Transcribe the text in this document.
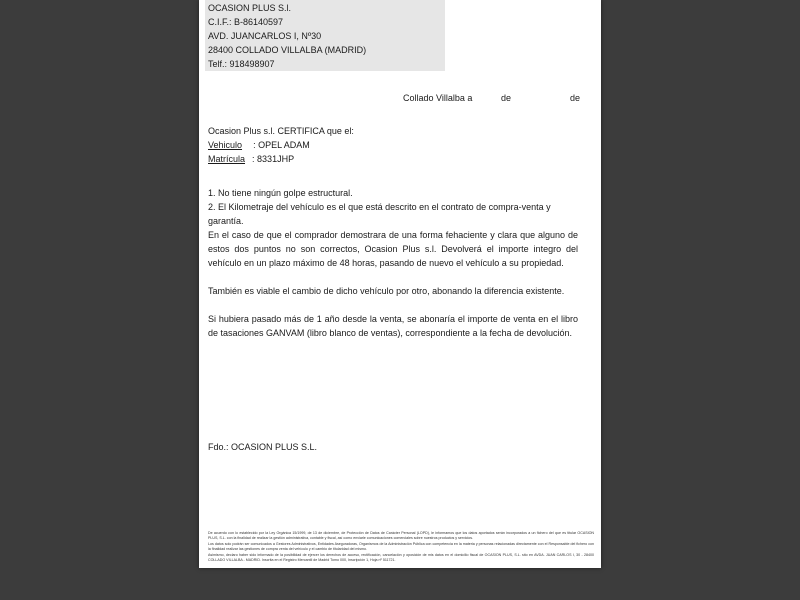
OCASION PLUS S.l.
C.I.F.: B-86140597
AVD. JUANCARLOS I, Nº30
28400 COLLADO VILLALBA (MADRID)
Telf.: 918498907
Collado Villalba a	de	de

Ocasion Plus s.l. CERTIFICA que el:

Vehiculo : OPEL ADAM

Matrícula : 8331JHP

1. No tiene ningún golpe estructural.

2. El Kilometraje del vehículo es el que está descrito en el contrato de compra-venta y garantía.

En el caso de que el comprador demostrara de una forma fehaciente y clara que alguno de estos dos puntos no son correctos, Ocasion Plus s.l. Devolverá el importe integro del vehículo en un plazo máximo de 48 horas, pasando de nuevo el vehículo a su propiedad.

También es viable el cambio de dicho vehículo por otro, abonando la diferencia existente.

Si hubiera pasado más de 1 año desde la venta, se abonaría el importe de venta en el libro de tasaciones GANVAM (libro blanco de ventas), correspondiente a la fecha de devolución.

Fdo.: OCASION PLUS S.L.

De acuerdo con lo establecido por la Ley Orgánica 15/1999, de 13 de diciembre, de Protección de Datos de Carácter Personal (LOPD), le informamos que los datos aportados serán incorporados a un fichero del que es titular OCASION PLUS, S.L. con la finalidad de realizar la gestión administrativa, contable y fiscal, así como enviarle comunicaciones comerciales sobre nuestros productos y servicios.

Los datos solo podrán ser comunicados a Gestores Administrativos, Entidades Aseguradoras, Organismos de la Administración Pública con competencia en la materia y personas relacionadas directamente con el Responsable del fichero con la finalidad realizar las gestiones de compra venta del vehículo y el cambio de titularidad del mismo.

Asimismo, declaro haber sido informado de la posibilidad de ejercer los derechos de acceso, rectificación, cancelación y oposición de mis datos en el domicilio fiscal de OCASION PLUS, S.L. sito en AVDA. JUAN CARLOS I, 30 - 28400 COLLADO VILLALBA - MADRID. Inscrita en el Registro Mercantil de Madrid Tomo 000, Inscripción 1, Hoja nº 511721.
